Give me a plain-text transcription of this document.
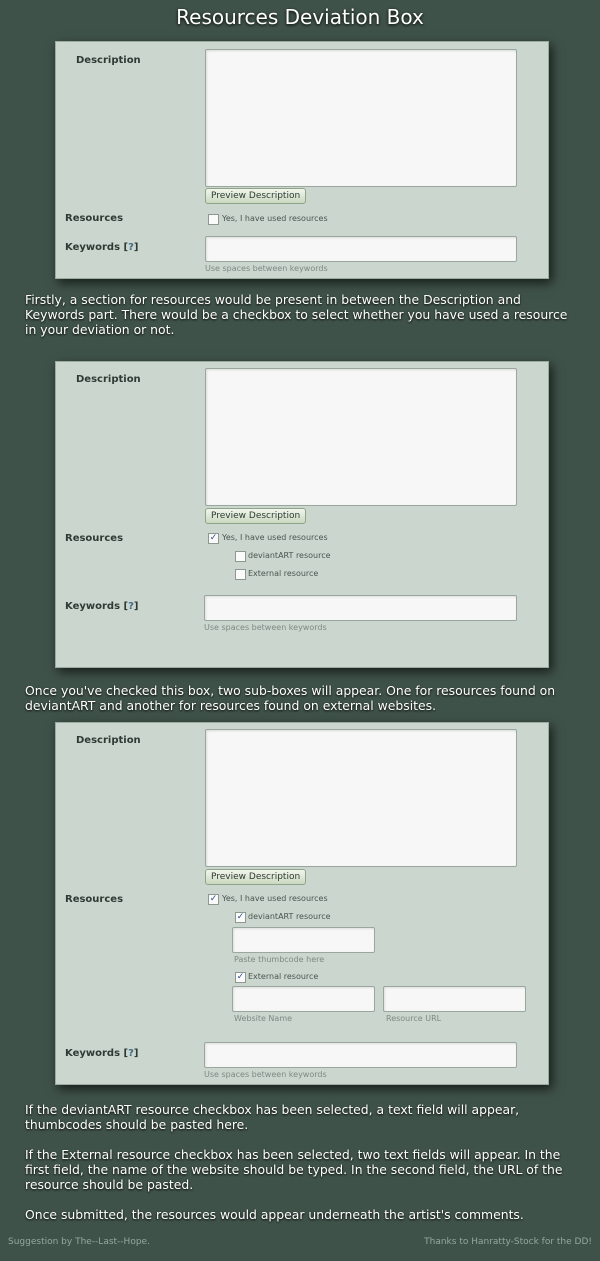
Resources Deviation Box
Description
Preview Description
Resources	Yes, I have used resources
Keywords [?]
Use spaces between keywords
Firstly, a section for resources would be present in between the Description and Keywords part. There would be a checkbox to select whether you have used a resource in your deviation or not.
Description
Preview Description
Resources	✓ Yes, I have used resources
deviantART resource
External resource
Keywords [?]
Use spaces between keywords
Once you've checked this box, two sub-boxes will appear. One for resources found on deviantART and another for resources found on external websites.
Description
Preview Description
Resources	✓ Yes, I have used resources
✓ deviantART resource
Paste thumbcode here
✓ External resource
Website Name	Resource URL
Keywords [?]
Use spaces between keywords
If the deviantART resource checkbox has been selected, a text field will appear, thumbcodes should be pasted here.
If the External resource checkbox has been selected, two text fields will appear. In the first field, the name of the website should be typed. In the second field, the URL of the resource should be pasted.
Once submitted, the resources would appear underneath the artist's comments.
Suggestion by The--Last--Hope.	Thanks to Hanratty-Stock for the DD!
